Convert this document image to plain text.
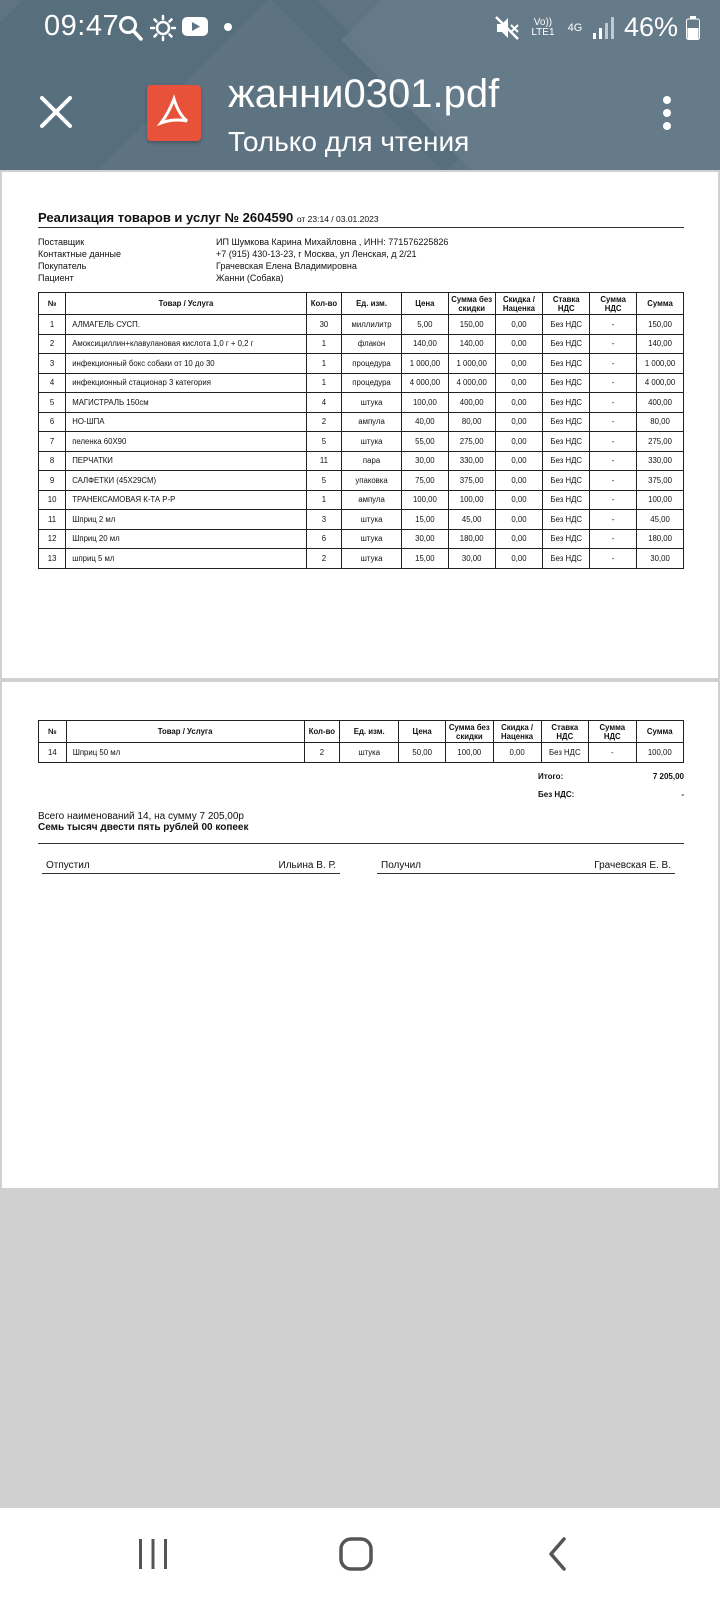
09:47	Vo)) LTE1	4G 46%
жанни0301.pdf
Только для чтения
Реализация товаров и услуг № 2604590 от 23:14 / 03.01.2023
Поставщик	ИП Шумкова Карина Михайловна , ИНН: 771576225826
Контактные данные	+7 (915) 430-13-23, г Москва, ул Ленская, д 2/21
Покупатель	Грачевская Елена Владимировна
Пациент	Жанни (Собака)
№	Товар / Услуга	Кол-во	Ед. изм.	Цена	Сумма без скидки	Скидка / Наценка	Ставка НДС	Сумма НДС	Сумма
1	АЛМАГЕЛЬ СУСП.	30	миллилитр	5,00	150,00	0,00	Без НДС	-	150,00
2	Амоксициллин+клавулановая кислота 1,0 г + 0,2 г	1	флакон	140,00	140,00	0,00	Без НДС	-	140,00
3	инфекционный бокс собаки от 10 до 30	1	процедура	1 000,00	1 000,00	0,00	Без НДС	-	1 000,00
4	инфекционный стационар 3 категория	1	процедура	4 000,00	4 000,00	0,00	Без НДС	-	4 000,00
5	МАГИСТРАЛЬ 150см	4	штука	100,00	400,00	0,00	Без НДС	-	400,00
6	НО-ШПА	2	ампула	40,00	80,00	0,00	Без НДС	-	80,00
7	пеленка 60Х90	5	штука	55,00	275,00	0,00	Без НДС	-	275,00
8	ПЕРЧАТКИ	11	пара	30,00	330,00	0,00	Без НДС	-	330,00
9	САЛФЕТКИ (45Х29СМ)	5	упаковка	75,00	375,00	0,00	Без НДС	-	375,00
10	ТРАНЕКСАМОВАЯ К-ТА Р-Р	1	ампула	100,00	100,00	0,00	Без НДС	-	100,00
11	Шприц 2 мл	3	штука	15,00	45,00	0,00	Без НДС	-	45,00
12	Шприц 20 мл	6	штука	30,00	180,00	0,00	Без НДС	-	180,00
13	шприц 5 мл	2	штука	15,00	30,00	0,00	Без НДС	-	30,00
№	Товар / Услуга	Кол-во	Ед. изм.	Цена	Сумма без скидки	Скидка / Наценка	Ставка НДС	Сумма НДС	Сумма
14	Шприц 50 мл	2	штука	50,00	100,00	0,00	Без НДС	-	100,00
Итого:	7 205,00
Без НДС:	-
Всего наименований 14, на сумму 7 205,00р
Семь тысяч двести пять рублей 00 копеек
Отпустил	Ильина В. Р.	Получил	Грачевская Е. В.
